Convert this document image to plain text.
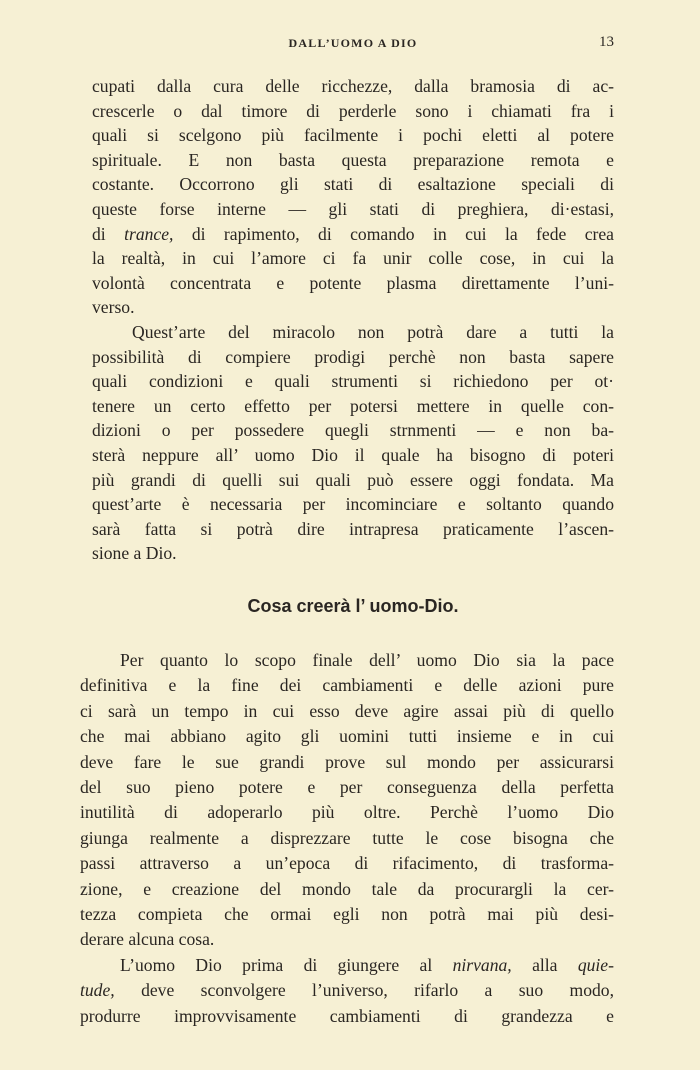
DALL’UOMO A DIO	13
cupati dalla cura delle ricchezze, dalla bramosia di ac-
crescerle o dal timore di perderle sono i chiamati fra i
quali si scelgono più facilmente i pochi eletti al potere
spirituale. E non basta questa preparazione remota e
costante. Occorrono gli stati di esaltazione speciali di
queste forse interne — gli stati di preghiera, di·estasi,
di trance, di rapimento, di comando in cui la fede crea
la realtà, in cui l’amore ci fa unir colle cose, in cui la
volontà concentrata e potente plasma direttamente l’uni-
verso.
Quest’arte del miracolo non potrà dare a tutti la
possibilità di compiere prodigi perchè non basta sapere
quali condizioni e quali strumenti si richiedono per ot·
tenere un certo effetto per potersi mettere in quelle con-
dizioni o per possedere quegli strnmenti — e non ba-
sterà neppure all’ uomo Dio il quale ha bisogno di poteri
più grandi di quelli sui quali può essere oggi fondata. Ma
quest’arte è necessaria per incominciare e soltanto quando
sarà fatta si potrà dire intrapresa praticamente l’ascen-
sione a Dio.
Cosa creerà l’ uomo-Dio.
Per quanto lo scopo finale dell’ uomo Dio sia la pace
definitiva e la fine dei cambiamenti e delle azioni pure
ci sarà un tempo in cui esso deve agire assai più di quello
che mai abbiano agito gli uomini tutti insieme e in cui
deve fare le sue grandi prove sul mondo per assicurarsi
del suo pieno potere e per conseguenza della perfetta
inutilità di adoperarlo più oltre. Perchè l’uomo Dio
giunga realmente a disprezzare tutte le cose bisogna che
passi attraverso a un’epoca di rifacimento, di trasforma-
zione, e creazione del mondo tale da procurargli la cer-
tezza compieta che ormai egli non potrà mai più desi-
derare alcuna cosa.
L’uomo Dio prima di giungere al nirvana, alla quie-
tude, deve sconvolgere l’universo, rifarlo a suo modo,
produrre improvvisamente cambiamenti di grandezza e
